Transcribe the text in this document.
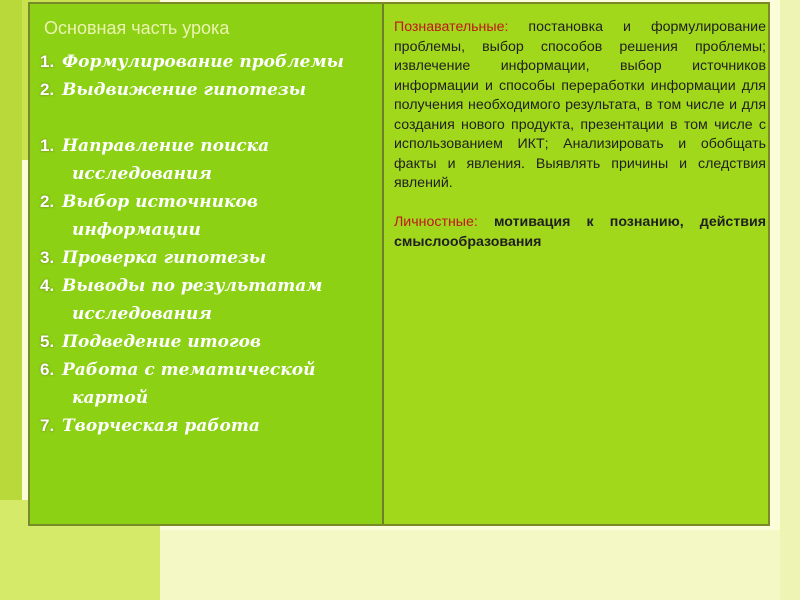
Основная часть урока
1. Формулирование проблемы
2. Выдвижение гипотезы
1. Направление поиска
исследования
2. Выбор источников
информации
3. Проверка гипотезы
4. Выводы по результатам
исследования
5. Подведение итогов
6. Работа с тематической
картой
7. Творческая работа
Познавательные: постановка и формулирование проблемы, выбор способов решения проблемы; извлечение информации, выбор источников информации и способы переработки информации для получения необходимого результата, в том числе и для создания нового продукта, презентации в том числе с использованием ИКТ; Анализировать и обобщать факты и явления. Выявлять причины и следствия явлений.
Личностные: мотивация к познанию, действия смыслообразования
